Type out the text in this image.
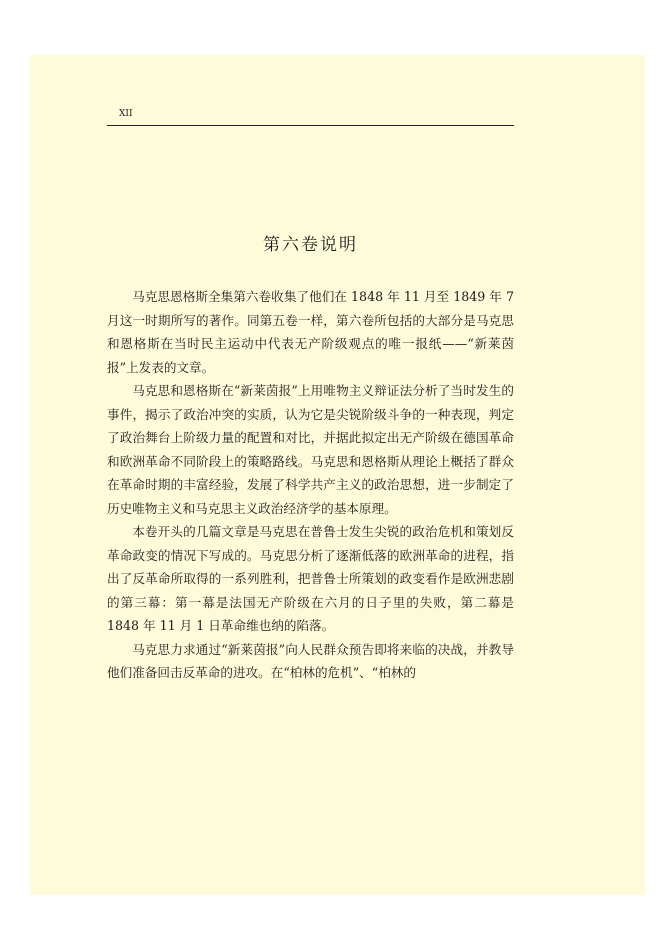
XII
第六卷说明

马克思恩格斯全集第六卷收集了他们在 1848 年 11 月至 1849 年 7 月这一时期所写的著作。同第五卷一样，第六卷所包括的大部分是马克思和恩格斯在当时民主运动中代表无产阶级观点的唯一报纸——“新莱茵报”上发表的文章。

马克思和恩格斯在“新莱茵报”上用唯物主义辩证法分析了当时发生的事件，揭示了政治冲突的实质，认为它是尖锐阶级斗争的一种表现，判定了政治舞台上阶级力量的配置和对比，并据此拟定出无产阶级在德国革命和欧洲革命不同阶段上的策略路线。马克思和恩格斯从理论上概括了群众在革命时期的丰富经验，发展了科学共产主义的政治思想，进一步制定了历史唯物主义和马克思主义政治经济学的基本原理。

本卷开头的几篇文章是马克思在普鲁士发生尖锐的政治危机和策划反革命政变的情况下写成的。马克思分析了逐渐低落的欧洲革命的进程，指出了反革命所取得的一系列胜利，把普鲁士所策划的政变看作是欧洲悲剧的第三幕：第一幕是法国无产阶级在六月的日子里的失败，第二幕是 1848 年 11 月 1 日革命维也纳的陷落。

马克思力求通过“新莱茵报”向人民群众预告即将来临的决战，并教导他们准备回击反革命的进攻。在“柏林的危机”、“柏林的
